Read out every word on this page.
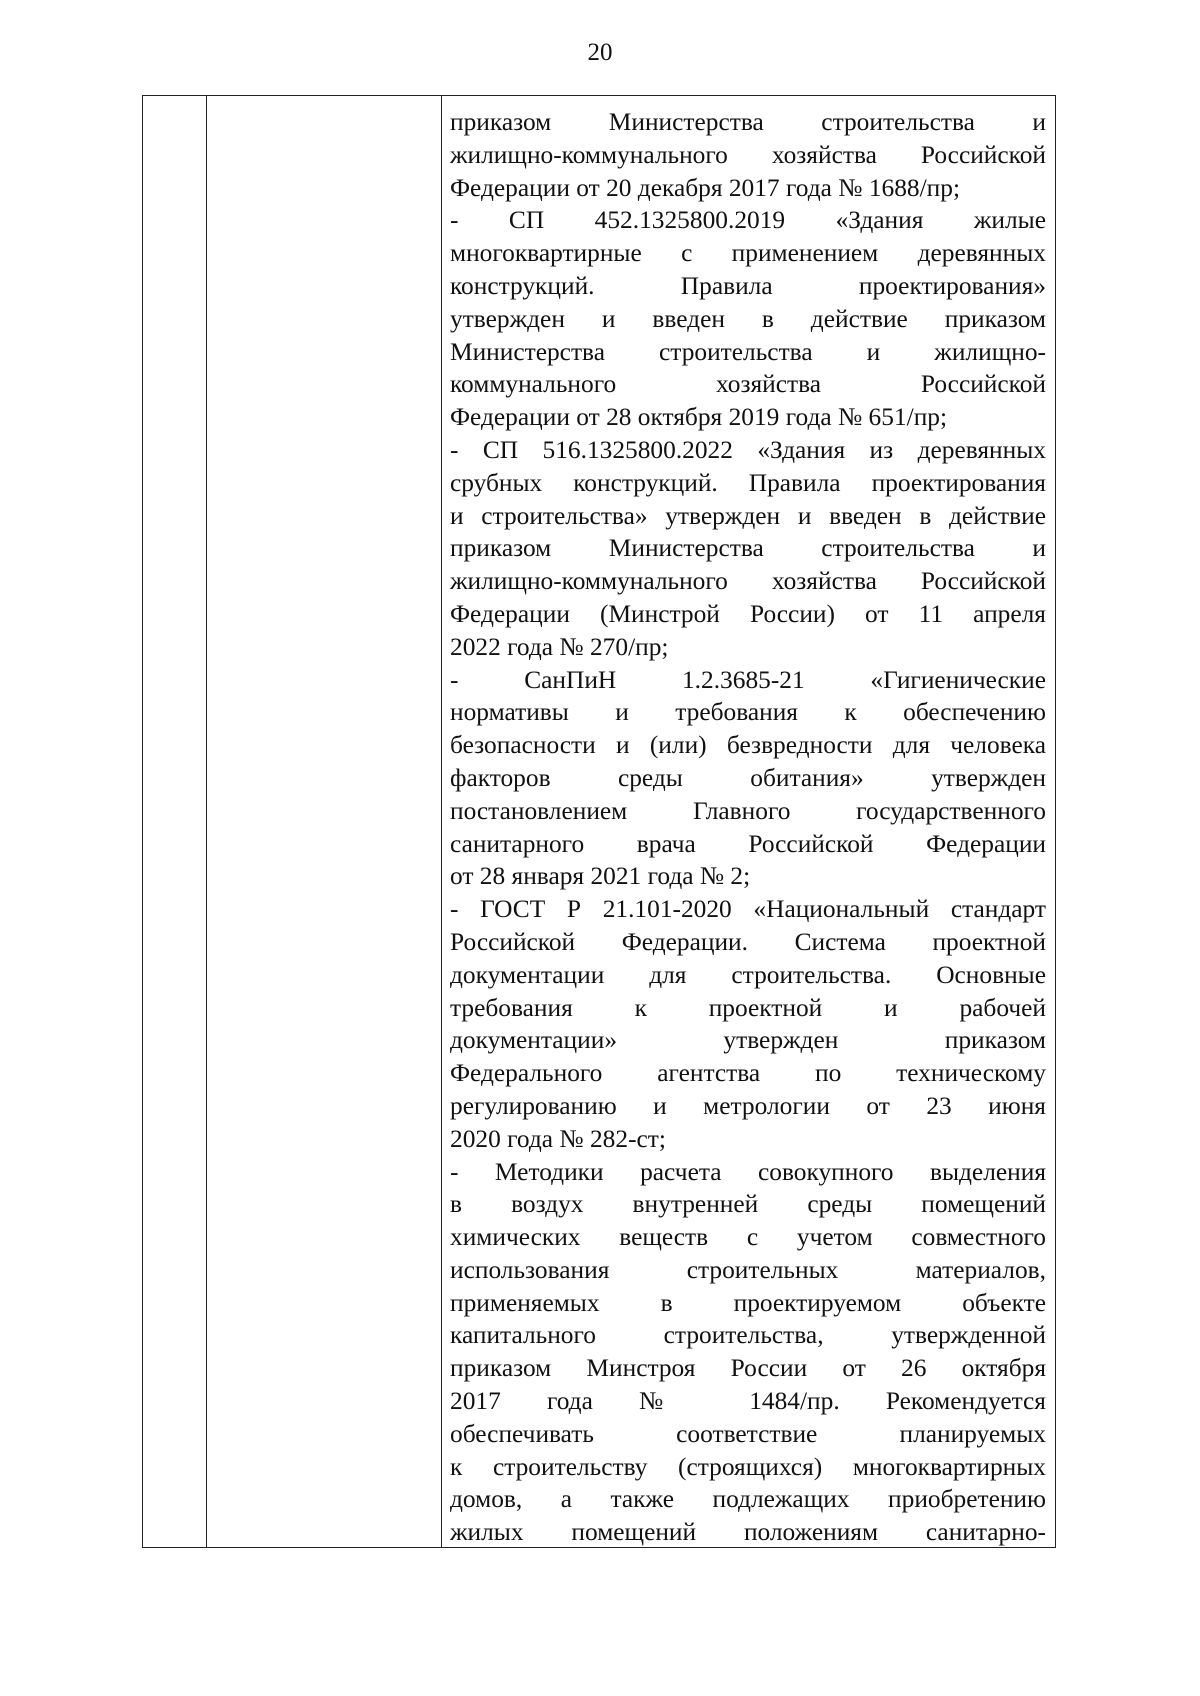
20
приказом Министерства строительства и
жилищно-коммунального хозяйства Российской
Федерации от 20 декабря 2017 года № 1688/пр;
- СП 452.1325800.2019 «Здания жилые
многоквартирные с применением деревянных
конструкций. Правила проектирования»
утвержден и введен в действие приказом
Министерства строительства и жилищно-
коммунального хозяйства Российской
Федерации от 28 октября 2019 года № 651/пр;
- СП 516.1325800.2022 «Здания из деревянных
срубных конструкций. Правила проектирования
и строительства» утвержден и введен в действие
приказом Министерства строительства и
жилищно-коммунального хозяйства Российской
Федерации (Минстрой России) от 11 апреля
2022 года № 270/пр;
- СанПиН 1.2.3685-21 «Гигиенические
нормативы и требования к обеспечению
безопасности и (или) безвредности для человека
факторов среды обитания» утвержден
постановлением Главного государственного
санитарного врача Российской Федерации
от 28 января 2021 года № 2;
- ГОСТ Р 21.101-2020 «Национальный стандарт
Российской Федерации. Система проектной
документации для строительства. Основные
требования к проектной и рабочей
документации» утвержден приказом
Федерального агентства по техническому
регулированию и метрологии от 23 июня
2020 года № 282-ст;
- Методики расчета совокупного выделения
в воздух внутренней среды помещений
химических веществ с учетом совместного
использования строительных материалов,
применяемых в проектируемом объекте
капитального строительства, утвержденной
приказом Минстроя России от 26 октября
2017 года № 1484/пр. Рекомендуется
обеспечивать соответствие планируемых
к строительству (строящихся) многоквартирных
домов, а также подлежащих приобретению
жилых помещений положениям санитарно-
